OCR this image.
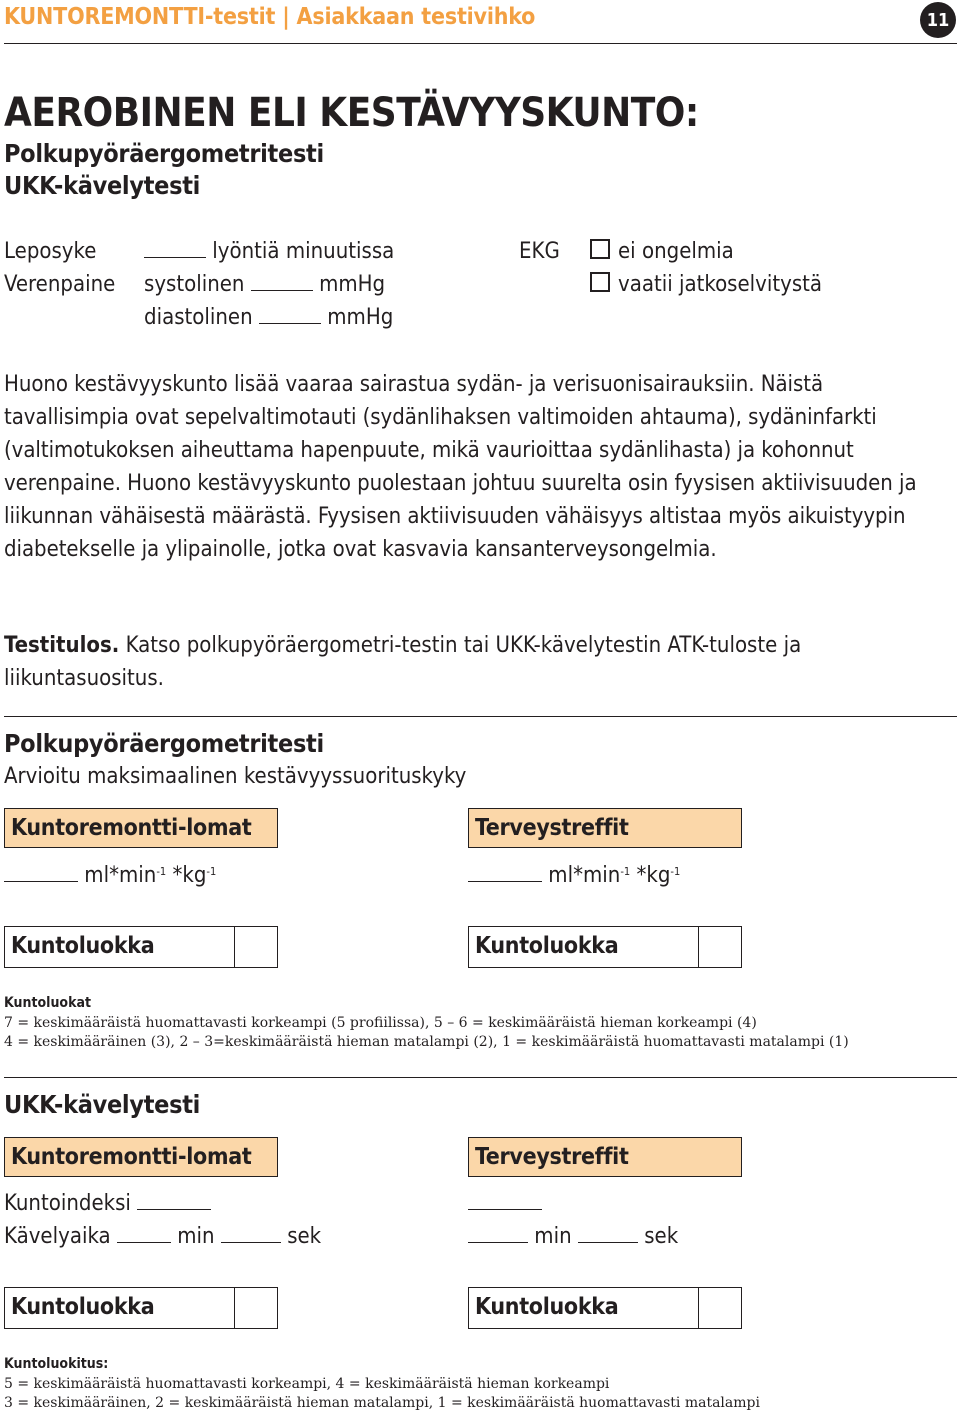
KUNTOREMONTTI-testit | Asiakkaan testivihko	11
AEROBINEN ELI KESTÄVYYSKUNTO:
Polkupyöräergometritesti
UKK-kävelytesti
Leposyke	lyöntiä minuutissa
Verenpaine systolinen	mmHg
diastolinen	mmHg
EKG	ei ongelmia
vaatii jatkoselvitystä
Huono kestävyyskunto lisää vaaraa sairastua sydän- ja verisuonisairauksiin. Näistä tavallisimpia ovat sepelvaltimotauti (sydänlihaksen valtimoiden ahtauma), sydäninfarkti (valtimotukoksen aiheuttama hapenpuute, mikä vaurioittaa sydänlihasta) ja kohonnut verenpaine. Huono kestävyyskunto puolestaan johtuu suurelta osin fyysisen aktiivisuuden ja liikunnan vähäisestä määrästä. Fyysisen aktiivisuuden vähäisyys altistaa myös aikuistyypin diabetekselle ja ylipainolle, jotka ovat kasvavia kansanterveysongelmia.
Testitulos. Katso polkupyöräergometri-testin tai UKK-kävelytestin ATK-tuloste ja liikuntasuositus.
Polkupyöräergometritesti
Arvioitu maksimaalinen kestävyyssuorituskyky
Kuntoremontti-lomat	Terveystreffit
$ml*\min^{-1}$ $*kg^{-1}$	$ml*\min^{-1}$ $*kg^{-1}$
Kuntoluokka	Kuntoluokka
Kuntoluokat
7 = keskimääräistä huomattavasti korkeampi (5 profiilissa), 5 – 6 = keskimääräistä hieman korkeampi (4)
4 = keskimääräinen (3), 2 – 3=keskimääräistä hieman matalampi (2), 1 = keskimääräistä huomattavasti matalampi (1)
UKK-kävelytesti
Kuntoremontti-lomat	Terveystreffit
Kuntoindeksi
Kävelyaika	min	sek	min	sek
Kuntoluokka	Kuntoluokka
Kuntoluokitus:
5 = keskimääräistä huomattavasti korkeampi, 4 = keskimääräistä hieman korkeampi
3 = keskimääräinen, 2 = keskimääräistä hieman matalampi, 1 = keskimääräistä huomattavasti matalampi
